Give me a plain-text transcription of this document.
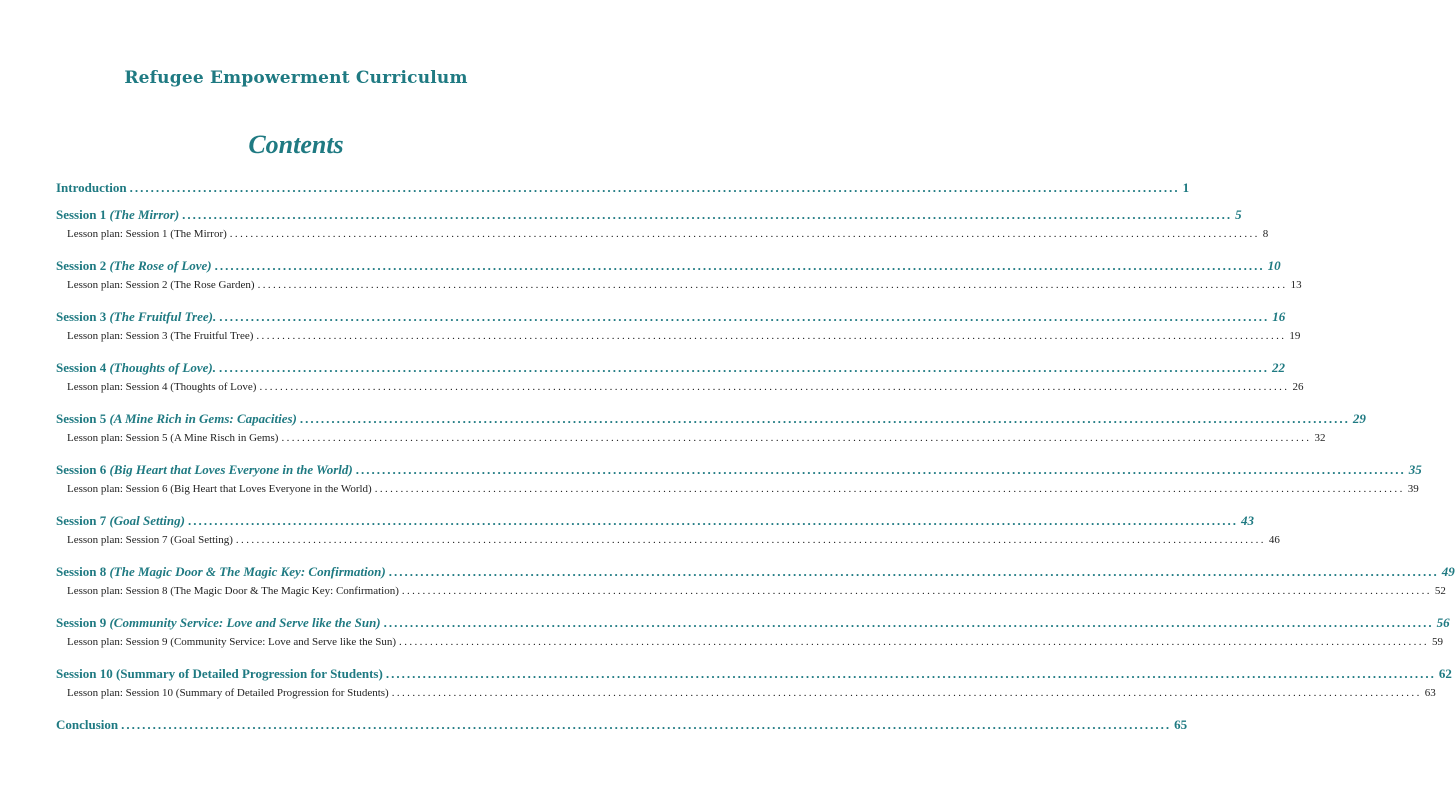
Refugee Empowerment Curriculum
Contents
Introduction ........................................................................................................................................................................................................ 1
Session 1 (The Mirror) ........................................................................................................................................................................................................ 5
Lesson plan: Session 1 (The Mirror) ........................................................................................................................................................................................................ 8
Session 2 (The Rose of Love) ........................................................................................................................................................................................................ 10
Lesson plan: Session 2 (The Rose Garden) ........................................................................................................................................................................................................ 13
Session 3 (The Fruitful Tree). ........................................................................................................................................................................................................ 16
Lesson plan: Session 3 (The Fruitful Tree) ........................................................................................................................................................................................................ 19
Session 4 (Thoughts of Love). ........................................................................................................................................................................................................ 22
Lesson plan: Session 4 (Thoughts of Love) ........................................................................................................................................................................................................ 26
Session 5 (A Mine Rich in Gems: Capacities) ........................................................................................................................................................................................................ 29
Lesson plan: Session 5 (A Mine Risch in Gems) ........................................................................................................................................................................................................ 32
Session 6 (Big Heart that Loves Everyone in the World) ........................................................................................................................................................................................................ 35
Lesson plan: Session 6 (Big Heart that Loves Everyone in the World) ........................................................................................................................................................................................................ 39
Session 7 (Goal Setting) ........................................................................................................................................................................................................ 43
Lesson plan: Session 7 (Goal Setting) ........................................................................................................................................................................................................ 46
Session 8 (The Magic Door & The Magic Key: Confirmation) ........................................................................................................................................................................................................ 49
Lesson plan: Session 8 (The Magic Door & The Magic Key: Confirmation) ........................................................................................................................................................................................................ 52
Session 9 (Community Service: Love and Serve like the Sun) ........................................................................................................................................................................................................ 56
Lesson plan: Session 9 (Community Service: Love and Serve like the Sun) ........................................................................................................................................................................................................ 59
Session 10 (Summary of Detailed Progression for Students) ........................................................................................................................................................................................................ 62
Lesson plan: Session 10 (Summary of Detailed Progression for Students) ........................................................................................................................................................................................................ 63
Conclusion ........................................................................................................................................................................................................ 65
